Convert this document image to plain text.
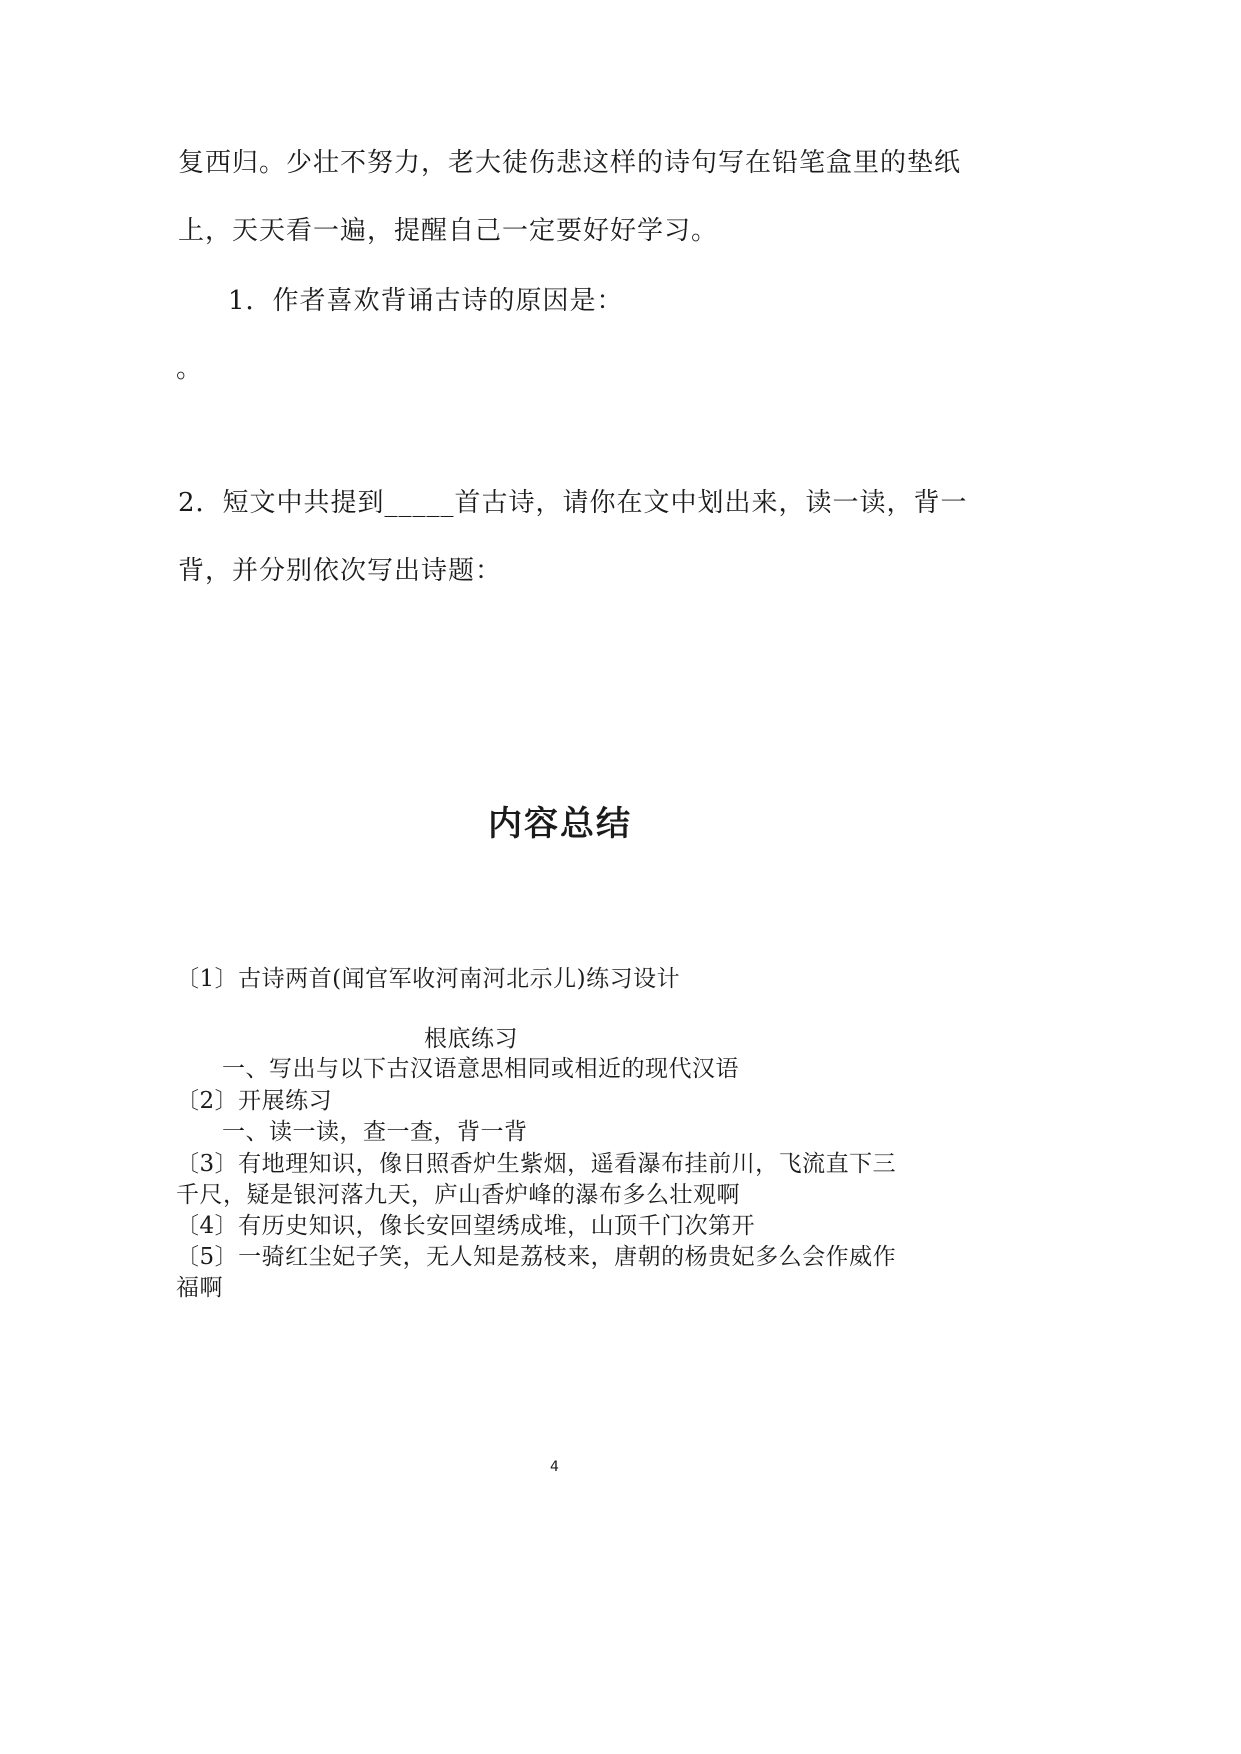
复西归。少壮不努力，老大徒伤悲这样的诗句写在铅笔盒里的垫纸
上，天天看一遍，提醒自己一定要好好学习。
1．作者喜欢背诵古诗的原因是：
。
2．短文中共提到_____首古诗，请你在文中划出来，读一读，背一
背，并分别依次写出诗题：
内容总结
〔1〕古诗两首(闻官军收河南河北示儿)练习设计
根底练习
一、写出与以下古汉语意思相同或相近的现代汉语
〔2〕开展练习
一、读一读，查一查，背一背
〔3〕有地理知识，像日照香炉生紫烟，遥看瀑布挂前川，飞流直下三
千尺，疑是银河落九天，庐山香炉峰的瀑布多么壮观啊
〔4〕有历史知识，像长安回望绣成堆，山顶千门次第开
〔5〕一骑红尘妃子笑，无人知是荔枝来，唐朝的杨贵妃多么会作威作
福啊
4
